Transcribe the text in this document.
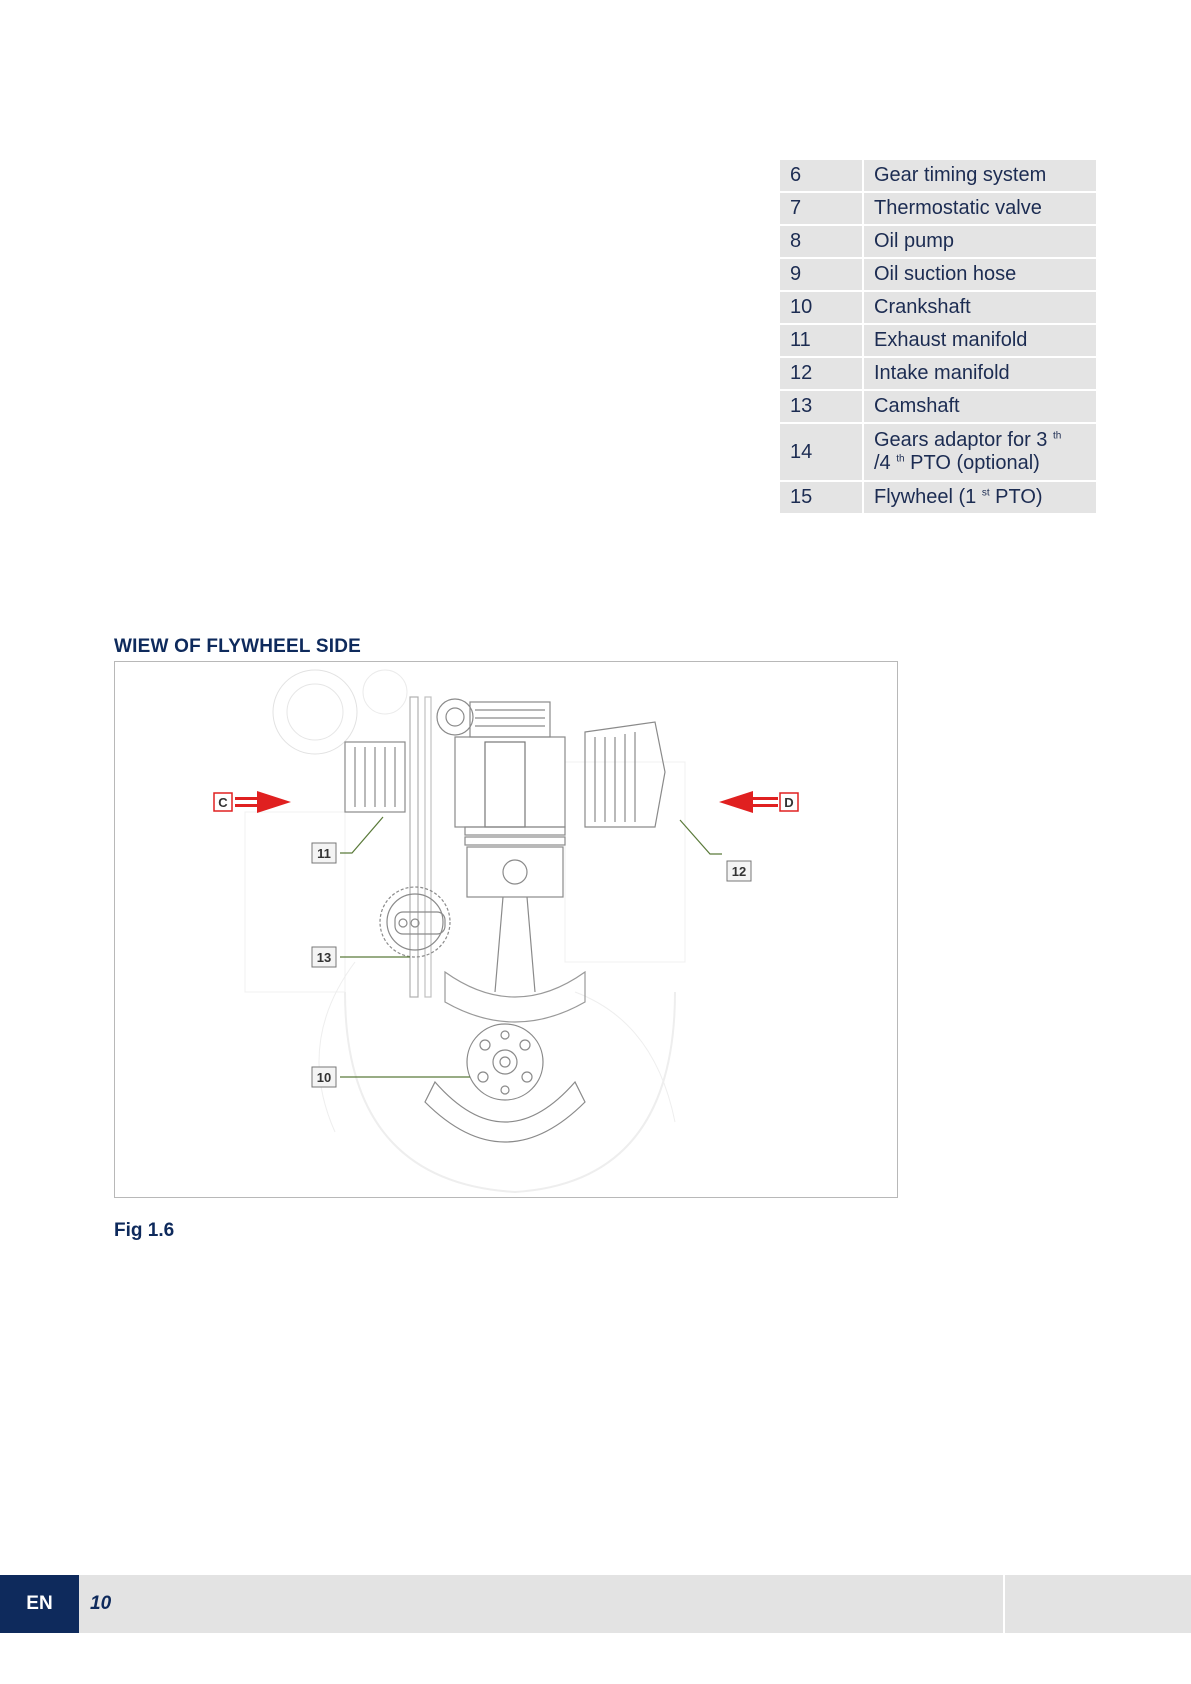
6	Gear timing system
7	Thermostatic valve
8	Oil pump
9	Oil suction hose
10	Crankshaft
11	Exhaust manifold
12	Intake manifold
13	Camshaft
14	Gears adaptor for 3 $^{th}$
/4 $^{th}$ PTO (optional)
15	Flywheel (1 $^{st}$ PTO)
WIEW OF FLYWHEEL SIDE
C	D
11
12
13
10
Fig 1.6
EN	10
